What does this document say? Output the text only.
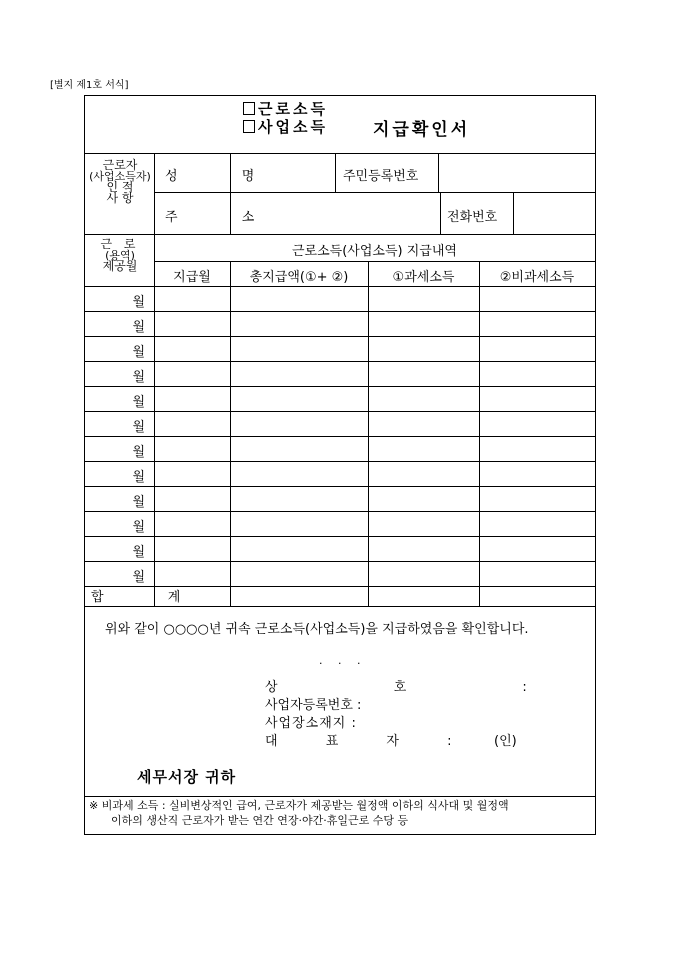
[별지 제1호 서식]
근로소득
사업소득	지급확인서
근로자
(사업소득자)
인 적
사 항
성 명	주민등록번호
주 소	전화번호
근 로
(용역)
제공월
근로소득(사업소득) 지급내역
지급월	총지급액(①+ ②)	①과세소득	②비과세소득
월
월
월
월
월
월
월
월
월
월
월
월
합 계
위와 같이 ○○○○년 귀속 근로소득(사업소득)을 지급하였음을 확인합니다.
. . .
상 호 :
사업자등록번호 :
사업장소재지 :
대 표 자 : (인)
세무서장 귀하
※ 비과세 소득 : 실비변상적인 급여, 근로자가 제공받는 월정액 이하의 식사대 및 월정액
이하의 생산직 근로자가 받는 연간 연장·야간·휴일근로 수당 등
